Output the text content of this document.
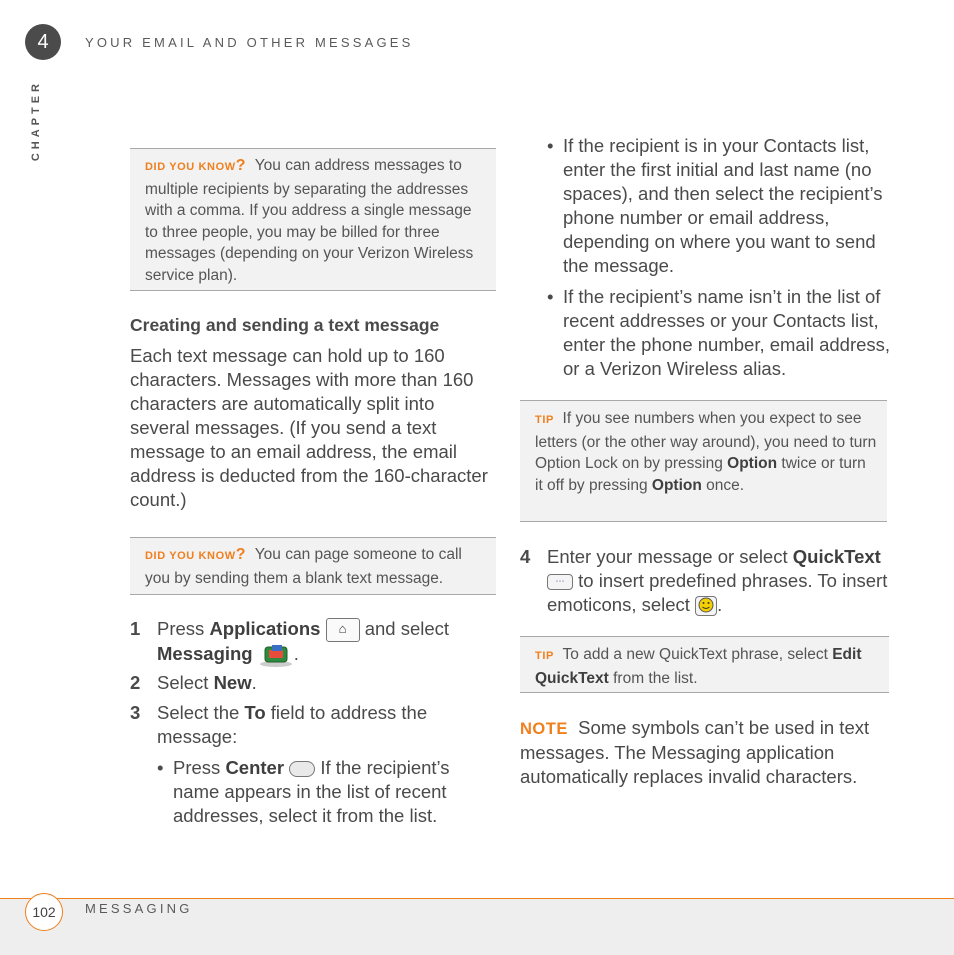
4	YOUR EMAIL AND OTHER MESSAGES
CHAPTER
DID YOU KNOW? You can address messages to multiple recipients by separating the addresses with a comma. If you address a single message to three people, you may be billed for three messages (depending on your Verizon Wireless service plan).
Creating and sending a text message
Each text message can hold up to 160 characters. Messages with more than 160 characters are automatically split into several messages. (If you send a text message to an email address, the email address is deducted from the 160-character count.)
DID YOU KNOW? You can page someone to call you by sending them a blank text message.
1 Press Applications ⌂ and select Messaging .
2 Select New.
3 Select the To field to address the message:
• Press Center  If the recipient’s name appears in the list of recent addresses, select it from the list.
• If the recipient is in your Contacts list, enter the first initial and last name (no spaces), and then select the recipient’s phone number or email address, depending on where you want to send the message.
• If the recipient’s name isn’t in the list of recent addresses or your Contacts list, enter the phone number, email address, or a Verizon Wireless alias.
TIP If you see numbers when you expect to see letters (or the other way around), you need to turn Option Lock on by pressing Option twice or turn it off by pressing Option once.
4 Enter your message or select QuickText ⋯ to insert predefined phrases. To insert emoticons, select .
TIP To add a new QuickText phrase, select Edit QuickText from the list.
NOTE Some symbols can’t be used in text messages. The Messaging application automatically replaces invalid characters.
102	MESSAGING
